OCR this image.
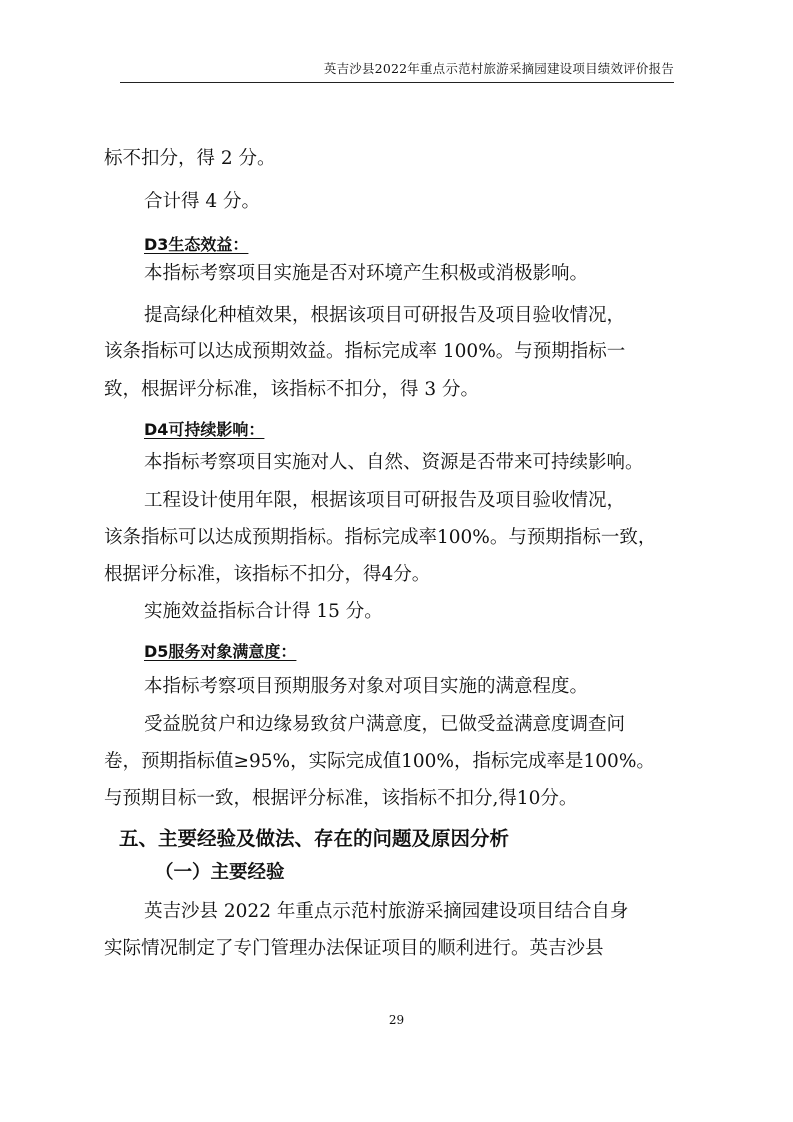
英吉沙县2022年重点示范村旅游采摘园建设项目绩效评价报告
标不扣分，得 2 分。
合计得 4 分。
D3生态效益：
本指标考察项目实施是否对环境产生积极或消极影响。
提高绿化种植效果，根据该项目可研报告及项目验收情况，
该条指标可以达成预期效益。指标完成率 100%。与预期指标一
致，根据评分标准，该指标不扣分，得 3 分。
D4可持续影响：
本指标考察项目实施对人、自然、资源是否带来可持续影响。
工程设计使用年限，根据该项目可研报告及项目验收情况，
该条指标可以达成预期指标。指标完成率100%。与预期指标一致，
根据评分标准，该指标不扣分，得4分。
实施效益指标合计得 15 分。
D5服务对象满意度：
本指标考察项目预期服务对象对项目实施的满意程度。
受益脱贫户和边缘易致贫户满意度，已做受益满意度调查问
卷，预期指标值≥95%，实际完成值100%，指标完成率是100%。
与预期目标一致，根据评分标准，该指标不扣分,得10分。
五、主要经验及做法、存在的问题及原因分析
（一）主要经验
英吉沙县 2022 年重点示范村旅游采摘园建设项目结合自身
实际情况制定了专门管理办法保证项目的顺利进行。英吉沙县
29
